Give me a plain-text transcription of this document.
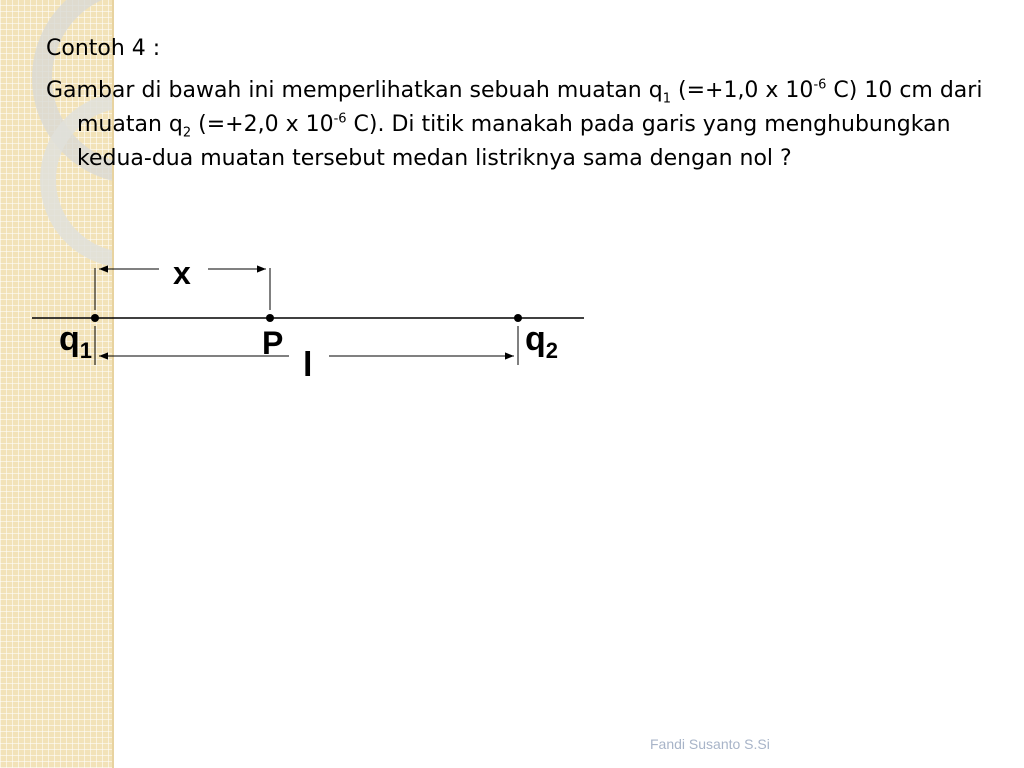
Contoh 4 :

Gambar di bawah ini memperlihatkan sebuah muatan $q_1$ (=+1,0 x $10^{-6}$ C) 10 cm dari muatan $q_2$ (=+2,0 x $10^{-6}$ C). Di titik manakah pada garis yang menghubungkan kedua-dua muatan tersebut medan listriknya sama dengan nol ?

x
$q_1$	P	$q_2$
l
Fandi Susanto S.Si
